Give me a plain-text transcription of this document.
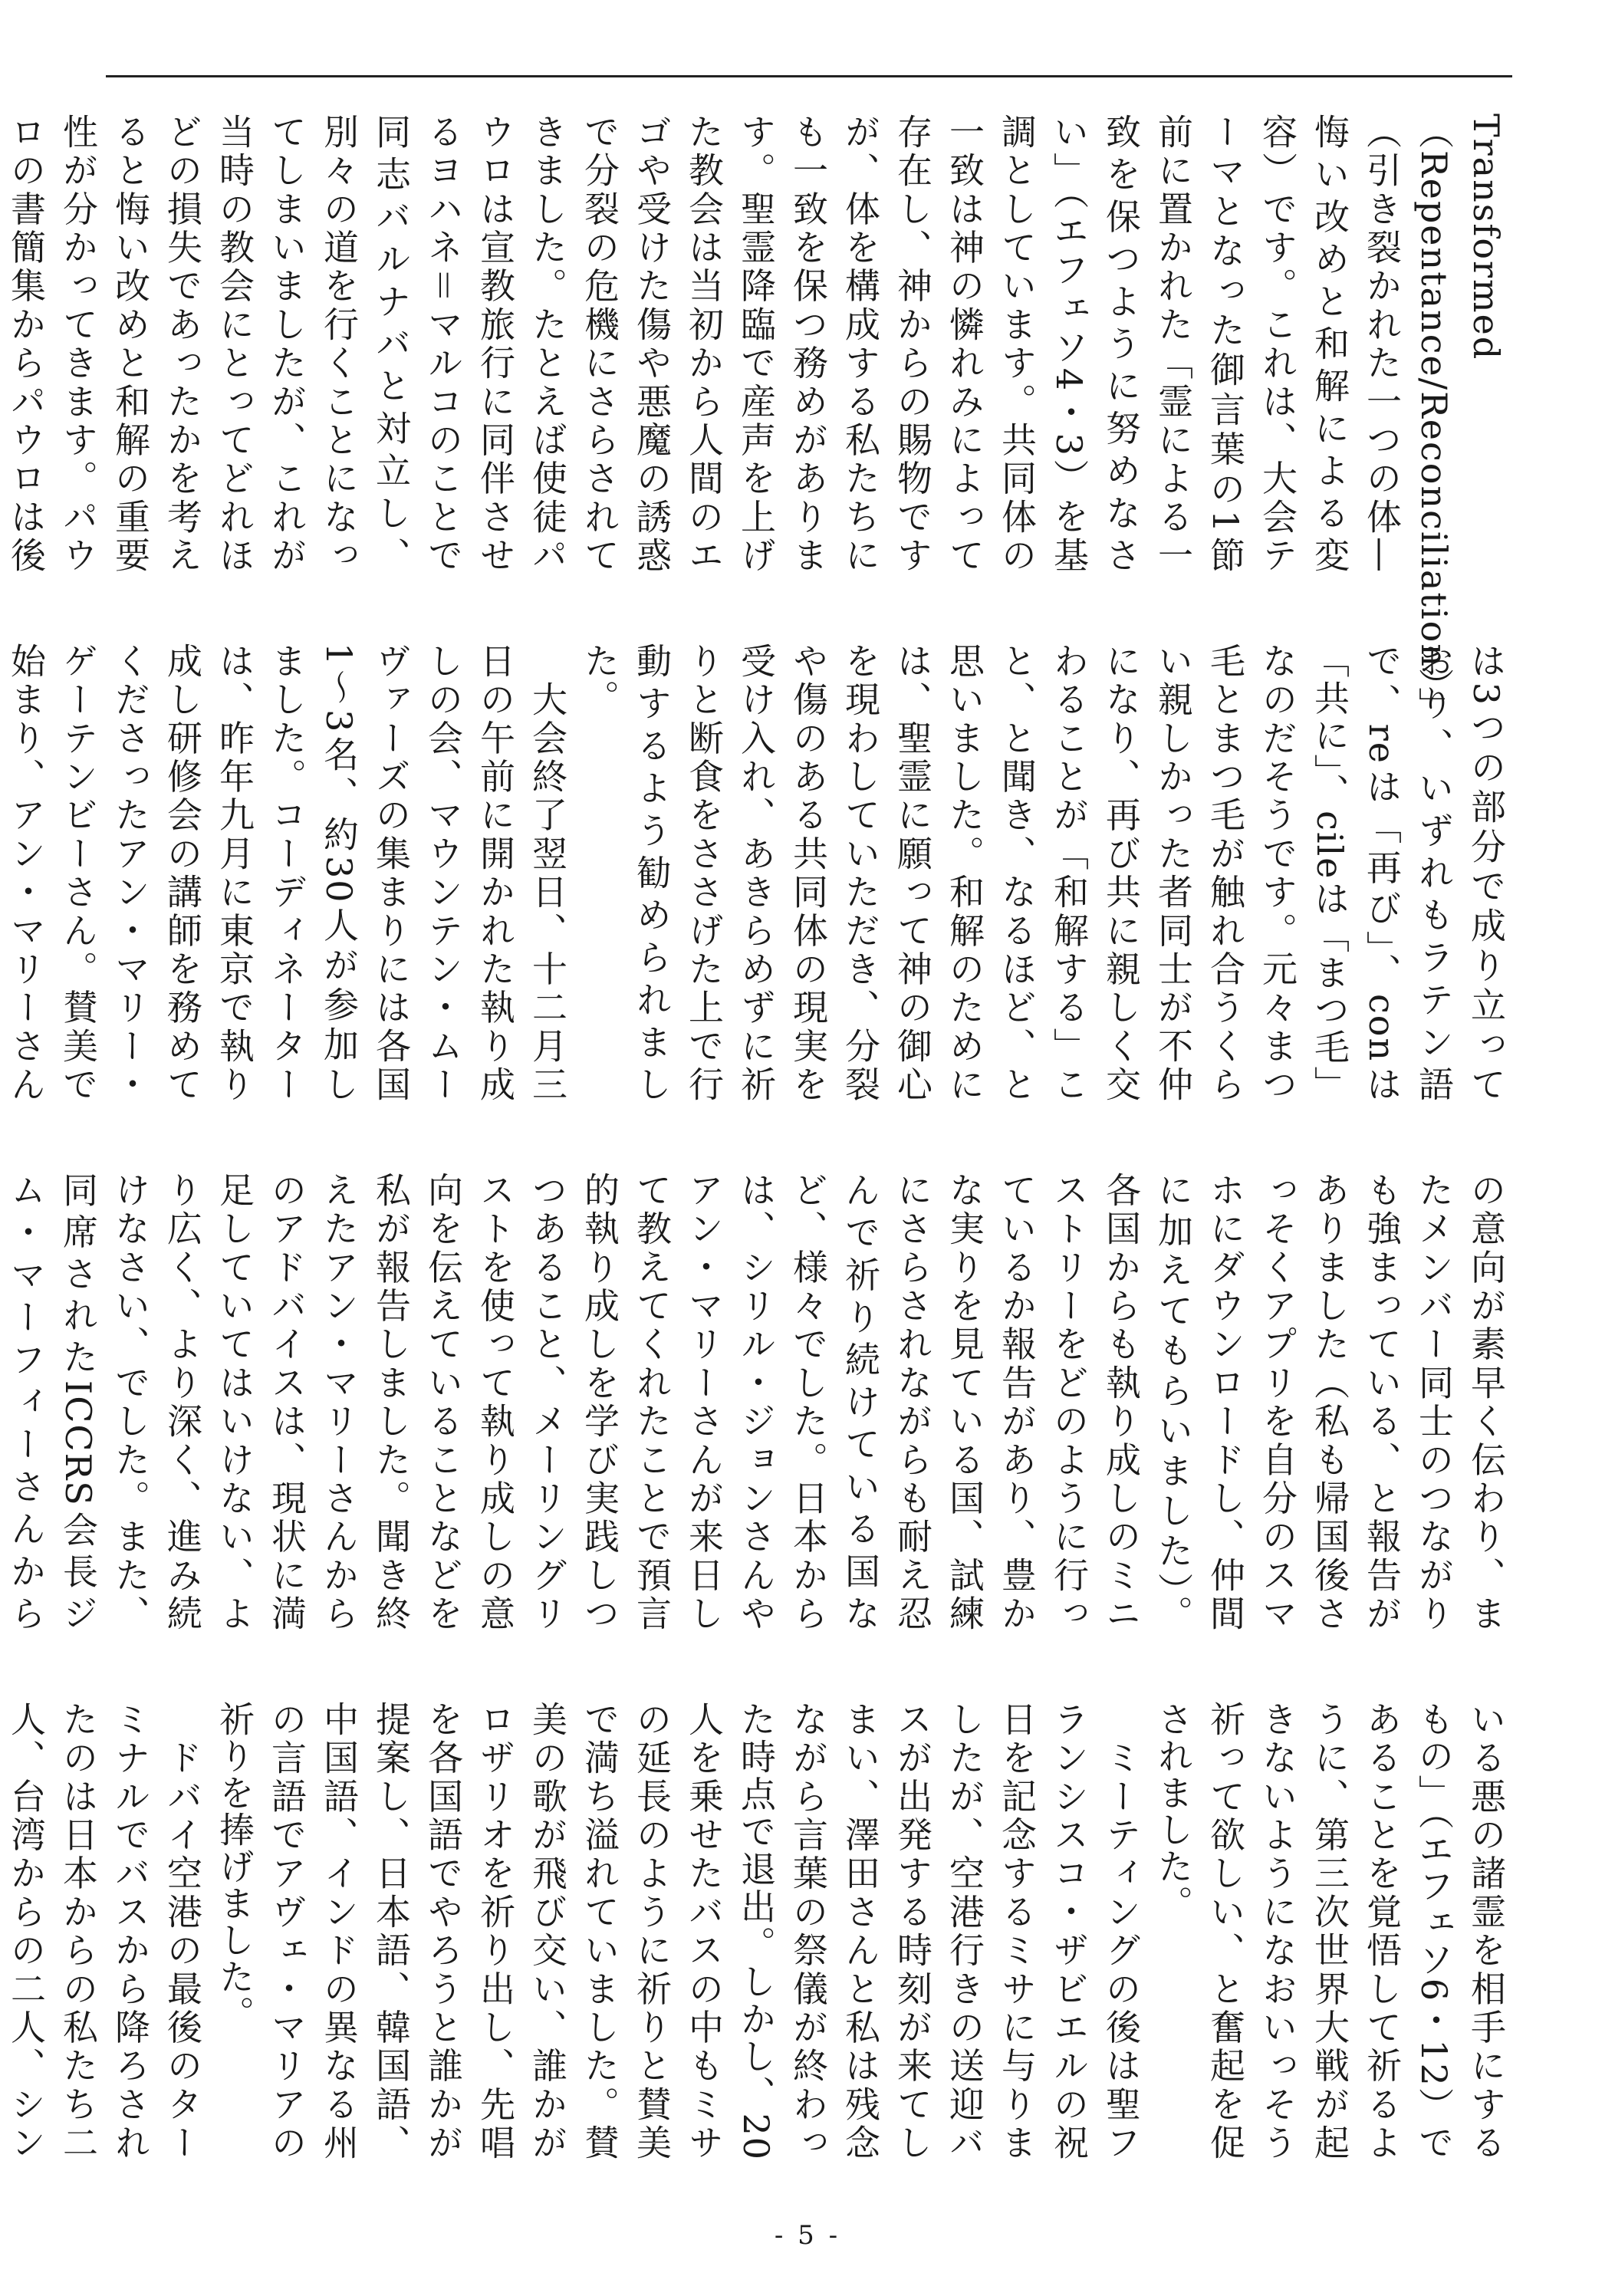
Transformed（Repentance/Reconciliation）」（引き裂かれた一つの体—悔い改めと和解による変容）です。これは、大会テーマとなった御言葉の1節前に置かれた「霊による一致を保つように努めなさい」（エフェソ4・3）を基調としています。共同体の一致は神の憐れみによって存在し、神からの賜物ですが、体を構成する私たちにも一致を保つ務めがあります。聖霊降臨で産声を上げた教会は当初から人間のエゴや受けた傷や悪魔の誘惑で分裂の危機にさらされてきました。たとえば使徒パウロは宣教旅行に同伴させるヨハネ＝マルコのことで同志バルナバと対立し、別々の道を行くことになってしまいましたが、これが当時の教会にとってどれほどの損失であったかを考えると悔い改めと和解の重要性が分かってきます。パウロの書簡集からパウロは後

は3つの部分で成り立っており、いずれもラテン語で、reは「再び」、conは「共に」、cileは「まつ毛」なのだそうです。元々まつ毛とまつ毛が触れ合うくらい親しかった者同士が不仲になり、再び共に親しく交わることが「和解する」こと、と聞き、なるほど、と思いました。和解のためには、聖霊に願って神の御心を現わしていただき、分裂や傷のある共同体の現実を受け入れ、あきらめずに祈りと断食をささげた上で行動するよう勧められました。

　大会終了翌日、十二月三日の午前に開かれた執り成しの会、マウンテン・ムーヴァーズの集まりには各国1～3名、約30人が参加しました。コーディネーターは、昨年九月に東京で執り成し研修会の講師を務めてくださったアン・マリー・ゲーテンビーさん。賛美で始まり、アン・マリーさん

の意向が素早く伝わり、またメンバー同士のつながりも強まっている、と報告がありました（私も帰国後さっそくアプリを自分のスマホにダウンロードし、仲間に加えてもらいました）。各国からも執り成しのミニストリーをどのように行っているか報告があり、豊かな実りを見ている国、試練にさらされながらも耐え忍んで祈り続けている国など、様々でした。日本からは、シリル・ジョンさんやアン・マリーさんが来日して教えてくれたことで預言的執り成しを学び実践しつつあること、メーリングリストを使って執り成しの意向を伝えていることなどを私が報告しました。聞き終えたアン・マリーさんからのアドバイスは、現状に満足していてはいけない、より広く、より深く、進み続けなさい、でした。また、同席されたICCRS会長ジム・マーフィーさんから

いる悪の諸霊を相手にするもの」（エフェソ6・12）であることを覚悟して祈るように、第三次世界大戦が起きないようになおいっそう祈って欲しい、と奮起を促されました。

　ミーティングの後は聖フランシスコ・ザビエルの祝日を記念するミサに与りましたが、空港行きの送迎バスが出発する時刻が来てしまい、澤田さんと私は残念ながら言葉の祭儀が終わった時点で退出。しかし、20人を乗せたバスの中もミサの延長のように祈りと賛美で満ち溢れていました。賛美の歌が飛び交い、誰かがロザリオを祈り出し、先唱を各国語でやろうと誰かが提案し、日本語、韓国語、中国語、インドの異なる州の言語でアヴェ・マリアの祈りを捧げました。

　ドバイ空港の最後のターミナルでバスから降ろされたのは日本からの私たち二人、台湾からの二人、シン

- 5 -
